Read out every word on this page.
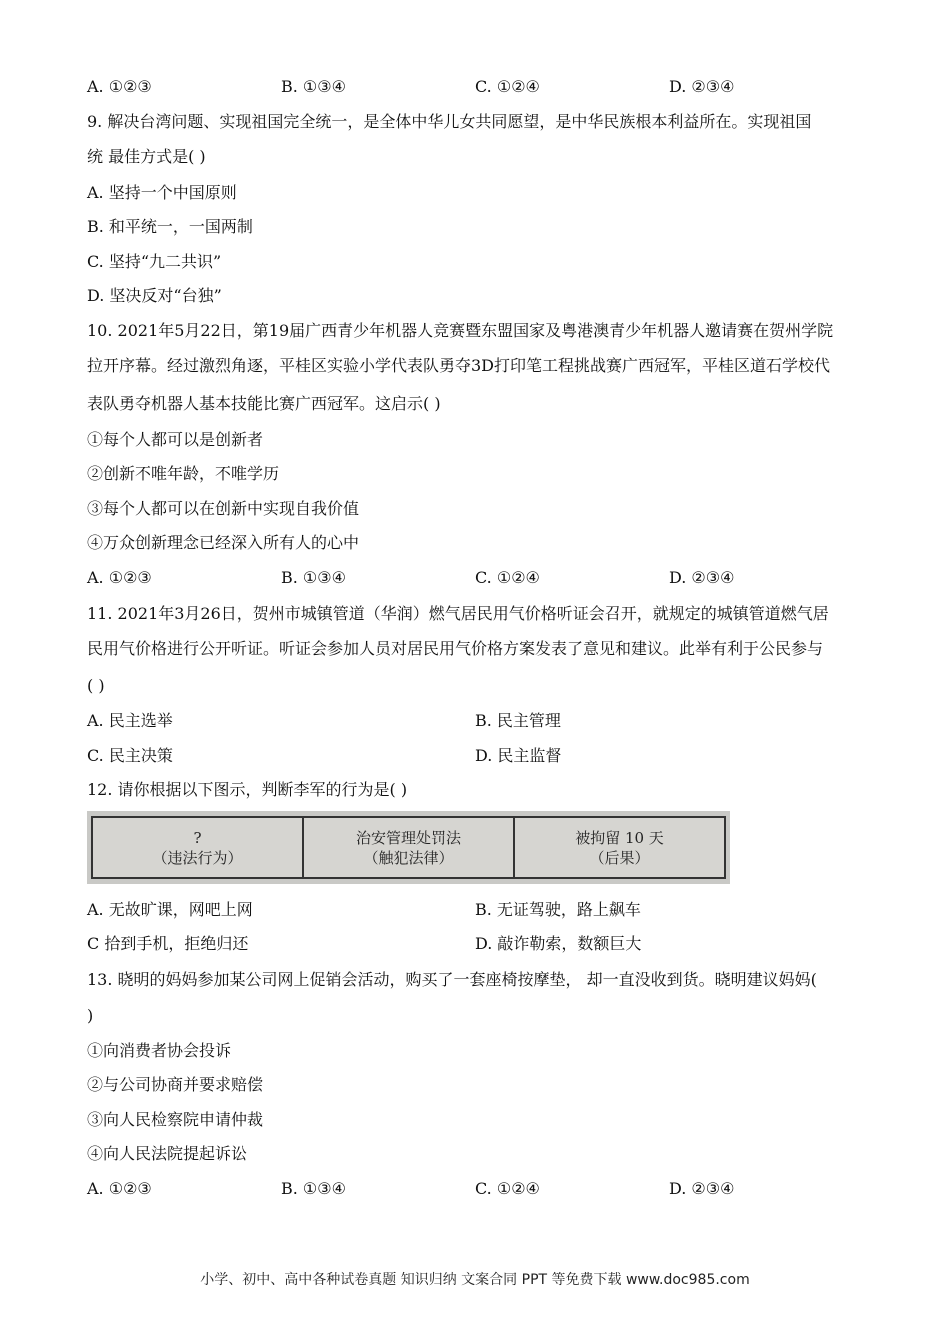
A. ①②③	B. ①③④	C. ①②④	D. ②③④
9. 解决台湾问题、实现祖国完全统一，是全体中华儿女共同愿望，是中华民族根本利益所在。实现祖国
统 最佳方式是( )
A. 坚持一个中国原则
B. 和平统一，一国两制
C. 坚持“九二共识”
D. 坚决反对“台独”
10. 2021年5月22日，第19届广西青少年机器人竞赛暨东盟国家及粤港澳青少年机器人邀请赛在贺州学院
拉开序幕。经过激烈角逐，平桂区实验小学代表队勇夺3D打印笔工程挑战赛广西冠军，平桂区道石学校代
表队勇夺机器人基本技能比赛广西冠军。这启示( )
①每个人都可以是创新者
②创新不唯年龄，不唯学历
③每个人都可以在创新中实现自我价值
④万众创新理念已经深入所有人的心中
A. ①②③	B. ①③④	C. ①②④	D. ②③④
11. 2021年3月26日，贺州市城镇管道（华润）燃气居民用气价格听证会召开，就规定的城镇管道燃气居
民用气价格进行公开听证。听证会参加人员对居民用气价格方案发表了意见和建议。此举有利于公民参与
( )
A. 民主选举	B. 民主管理
C. 民主决策	D. 民主监督
12. 请你根据以下图示，判断李军的行为是( )
?
（违法行为）
治安管理处罚法
（触犯法律）
被拘留 10 天
（后果）
A. 无故旷课，网吧上网	B. 无证驾驶，路上飙车
C 拾到手机，拒绝归还	D. 敲诈勒索，数额巨大
13. 晓明的妈妈参加某公司网上促销会活动，购买了一套座椅按摩垫， 却一直没收到货。晓明建议妈妈(
)
①向消费者协会投诉
②与公司协商并要求赔偿
③向人民检察院申请仲裁
④向人民法院提起诉讼
A. ①②③	B. ①③④	C. ①②④	D. ②③④
小学、初中、高中各种试卷真题 知识归纳 文案合同 PPT 等免费下载 www.doc985.com
